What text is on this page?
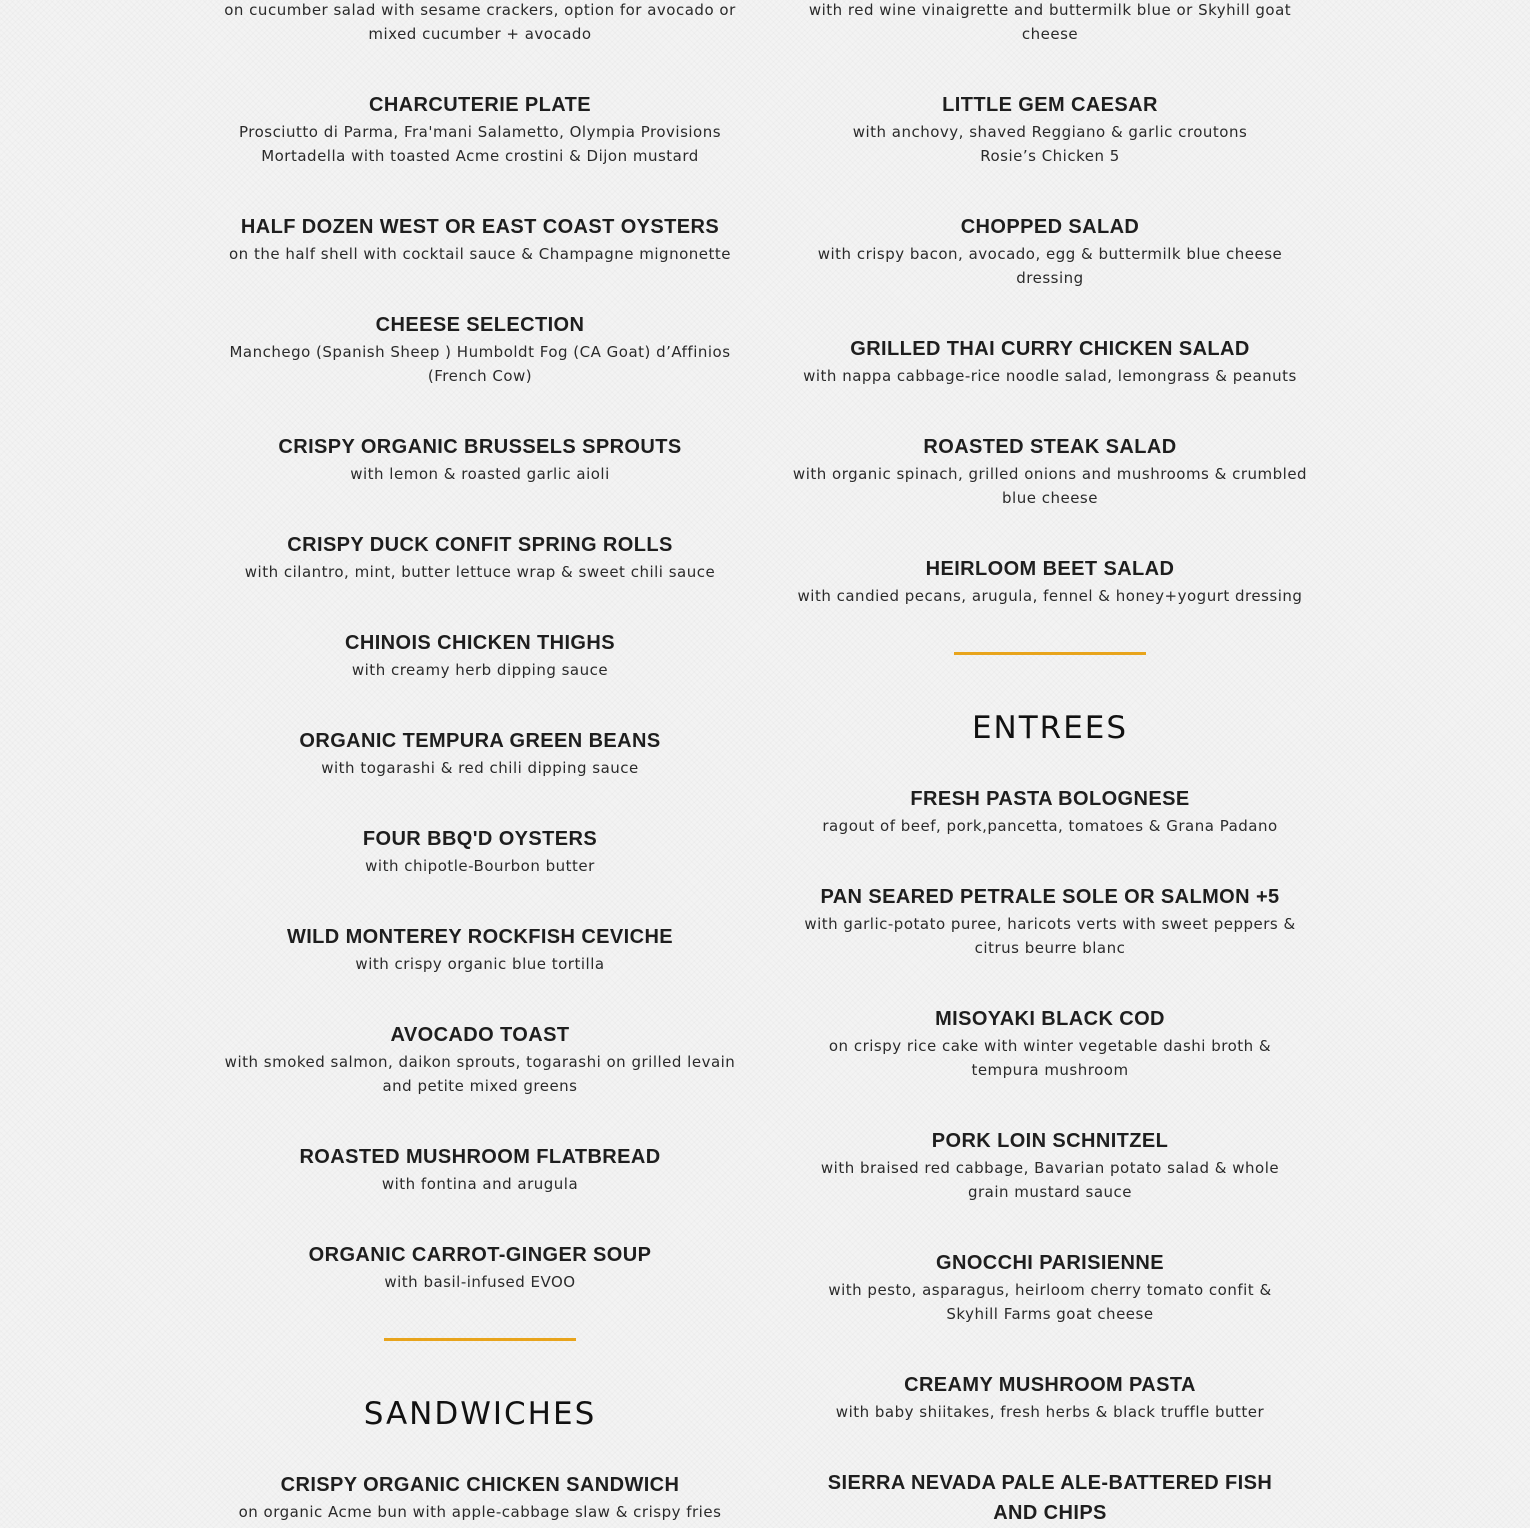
on cucumber salad with sesame crackers, option for avocado or mixed cucumber + avocado

CHARCUTERIE PLATE

Prosciutto di Parma, Fra'mani Salametto, Olympia Provisions Mortadella with toasted Acme crostini & Dijon mustard

HALF DOZEN WEST OR EAST COAST OYSTERS

on the half shell with cocktail sauce & Champagne mignonette

CHEESE SELECTION

Manchego (Spanish Sheep ) Humboldt Fog (CA Goat) d’Affinios (French Cow)

CRISPY ORGANIC BRUSSELS SPROUTS

with lemon & roasted garlic aioli

CRISPY DUCK CONFIT SPRING ROLLS

with cilantro, mint, butter lettuce wrap & sweet chili sauce

CHINOIS CHICKEN THIGHS

with creamy herb dipping sauce

ORGANIC TEMPURA GREEN BEANS

with togarashi & red chili dipping sauce

FOUR BBQ'D OYSTERS

with chipotle-Bourbon butter

WILD MONTEREY ROCKFISH CEVICHE

with crispy organic blue tortilla

AVOCADO TOAST

with smoked salmon, daikon sprouts, togarashi on grilled levain and petite mixed greens

ROASTED MUSHROOM FLATBREAD

with fontina and arugula

ORGANIC CARROT-GINGER SOUP

with basil-infused EVOO

SANDWICHES

CRISPY ORGANIC CHICKEN SANDWICH

on organic Acme bun with apple-cabbage slaw & crispy fries

with red wine vinaigrette and buttermilk blue or Skyhill goat cheese

LITTLE GEM CAESAR

with anchovy, shaved Reggiano & garlic croutons

Rosie’s Chicken 5

CHOPPED SALAD

with crispy bacon, avocado, egg & buttermilk blue cheese dressing

GRILLED THAI CURRY CHICKEN SALAD

with nappa cabbage-rice noodle salad, lemongrass & peanuts

ROASTED STEAK SALAD

with organic spinach, grilled onions and mushrooms & crumbled blue cheese

HEIRLOOM BEET SALAD

with candied pecans, arugula, fennel & honey+yogurt dressing

ENTREES

FRESH PASTA BOLOGNESE

ragout of beef, pork,pancetta, tomatoes & Grana Padano

PAN SEARED PETRALE SOLE OR SALMON +5

with garlic-potato puree, haricots verts with sweet peppers & citrus beurre blanc

MISOYAKI BLACK COD

on crispy rice cake with winter vegetable dashi broth & tempura mushroom

PORK LOIN SCHNITZEL

with braised red cabbage, Bavarian potato salad & whole grain mustard sauce

GNOCCHI PARISIENNE

with pesto, asparagus, heirloom cherry tomato confit & Skyhill Farms goat cheese

CREAMY MUSHROOM PASTA

with baby shiitakes, fresh herbs & black truffle butter

SIERRA NEVADA PALE ALE-BATTERED FISH AND CHIPS
